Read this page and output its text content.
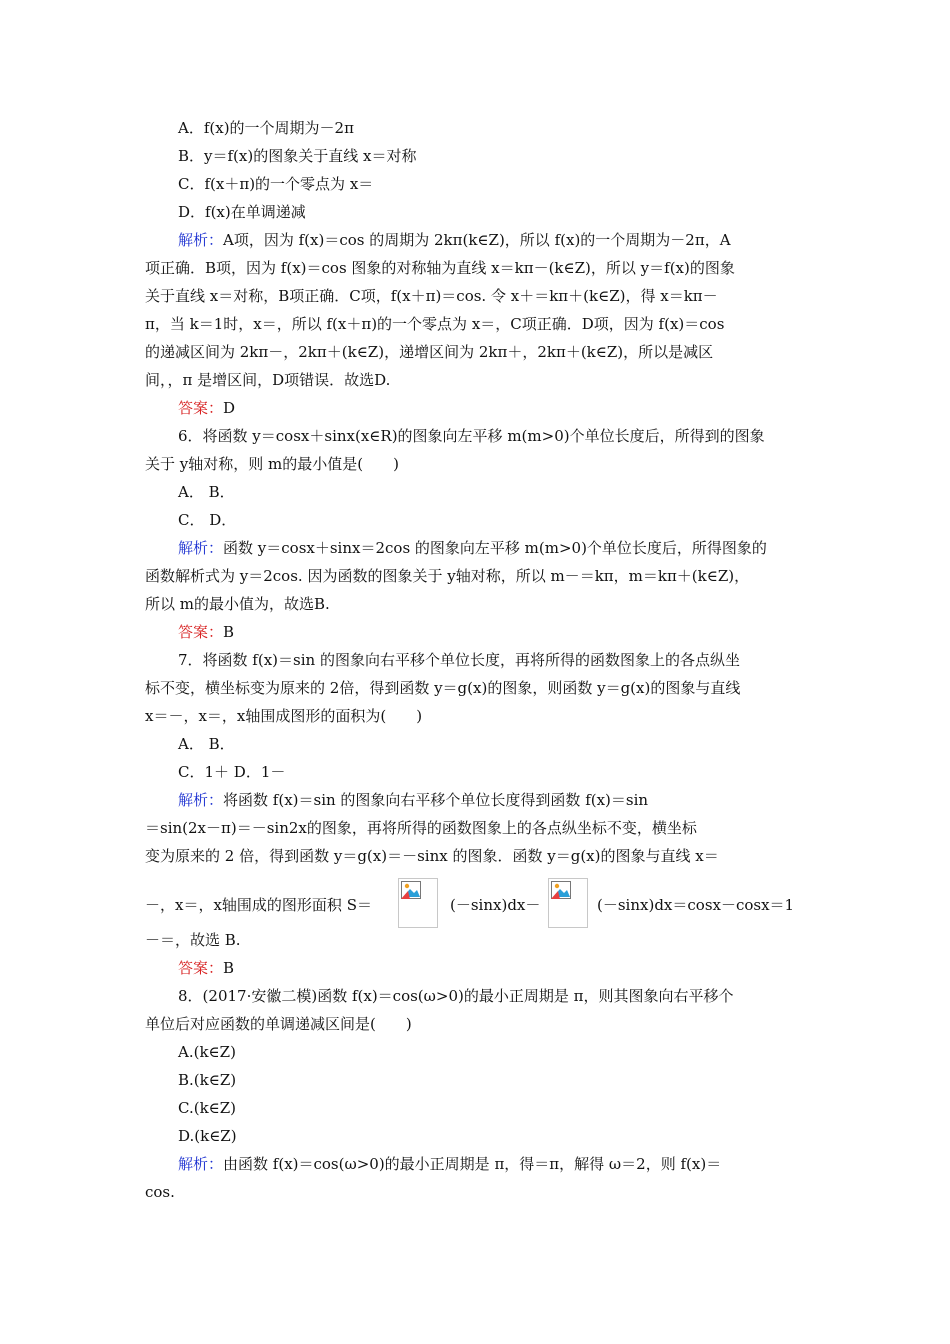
A．f(x)的一个周期为－2π
B．y＝f(x)的图象关于直线 x＝对称
C．f(x＋π)的一个零点为 x＝
D．f(x)在单调递减
解析：A项，因为 f(x)＝cos 的周期为 2kπ(k∈Z)，所以 f(x)的一个周期为－2π，A
项正确．B项，因为 f(x)＝cos 图象的对称轴为直线 x＝kπ－(k∈Z)，所以 y＝f(x)的图象
关于直线 x＝对称，B项正确．C项，f(x＋π)＝cos. 令 x＋＝kπ＋(k∈Z)，得 x＝kπ－
π，当 k＝1时，x＝，所以 f(x＋π)的一个零点为 x＝，C项正确．D项，因为 f(x)＝cos
的递减区间为 2kπ－，2kπ＋(k∈Z)，递增区间为 2kπ＋，2kπ＋(k∈Z)，所以是减区
间，，π 是增区间，D项错误．故选D.
答案：D
6．将函数 y＝cosx＋sinx(x∈R)的图象向左平移 m(m>0)个单位长度后，所得到的图象
关于 y轴对称，则 m的最小值是(　　)
A． B．
C． D．
解析：函数 y＝cosx＋sinx＝2cos 的图象向左平移 m(m>0)个单位长度后，所得图象的
函数解析式为 y＝2cos. 因为函数的图象关于 y轴对称，所以 m－＝kπ，m＝kπ＋(k∈Z)，
所以 m的最小值为，故选B.
答案：B
7．将函数 f(x)＝sin 的图象向右平移个单位长度，再将所得的函数图象上的各点纵坐
标不变，横坐标变为原来的 2倍，得到函数 y＝g(x)的图象，则函数 y＝g(x)的图象与直线
x＝－，x＝，x轴围成图形的面积为(　　)
A． B．
C．1＋ D．1－
解析：将函数 f(x)＝sin 的图象向右平移个单位长度得到函数 f(x)＝sin
＝sin(2x－π)＝－sin2x的图象，再将所得的函数图象上的各点纵坐标不变，横坐标
变为原来的 2 倍，得到函数 y＝g(x)＝－sinx 的图象．函数 y＝g(x)的图象与直线 x＝
－，x＝，x轴围成的图形面积 S＝	(－sinx)dx－	(－sinx)dx＝cosx－cosx＝1
－＝，故选 B.
答案：B
8．(2017·安徽二模)函数 f(x)＝cos(ω>0)的最小正周期是 π，则其图象向右平移个
单位后对应函数的单调递减区间是(　　)
A.(k∈Z)
B.(k∈Z)
C.(k∈Z)
D.(k∈Z)
解析：由函数 f(x)＝cos(ω>0)的最小正周期是 π，得＝π，解得 ω＝2，则 f(x)＝
cos.
